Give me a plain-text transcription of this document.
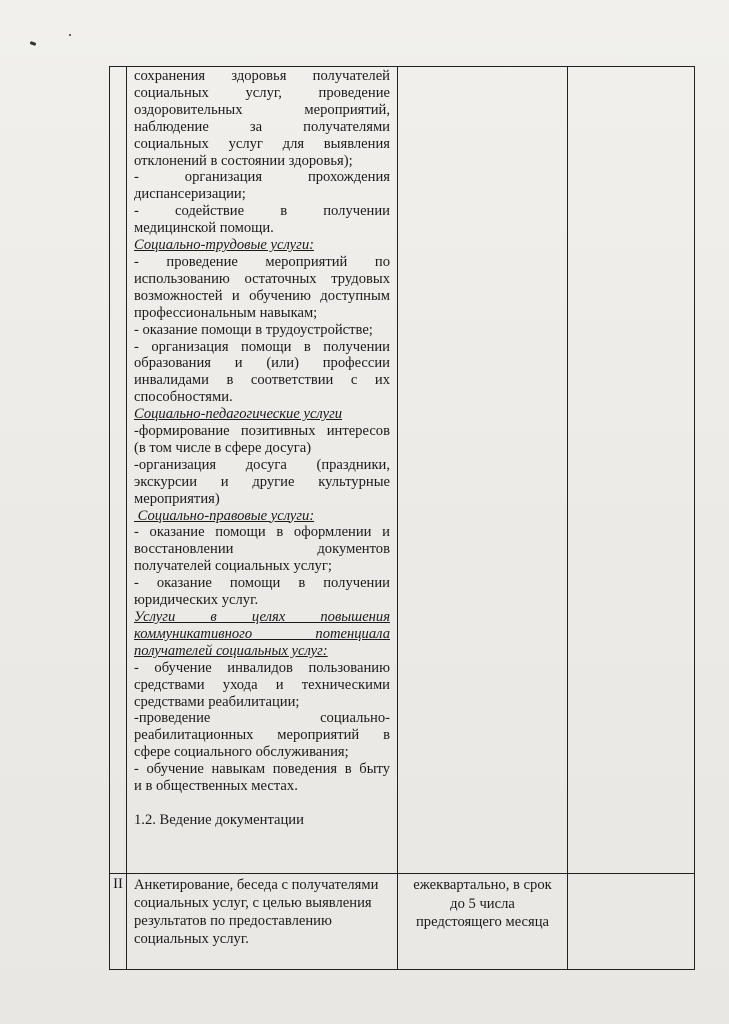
сохранения здоровья получателей
социальных услуг, проведение
оздоровительных мероприятий,
наблюдение за получателями
социальных услуг для выявления
отклонений в состоянии здоровья);
- организация прохождения
диспансеризации;
- содействие в получении
медицинской помощи.
Социально-трудовые услуги:
- проведение мероприятий по
использованию остаточных трудовых
возможностей и обучению доступным
профессиональным навыкам;
- оказание помощи в трудоустройстве;
- организация помощи в получении
образования и (или) профессии
инвалидами в соответствии с их
способностями.
Социально-педагогические услуги
-формирование позитивных интересов
(в том числе в сфере досуга)
-организация досуга (праздники,
экскурсии и другие культурные
мероприятия)
Социально-правовые услуги:
- оказание помощи в оформлении и
восстановлении документов
получателей социальных услуг;
- оказание помощи в получении
юридических услуг.
Услуги в целях повышения
коммуникативного потенциала
получателей социальных услуг:
- обучение инвалидов пользованию
средствами ухода и техническими
средствами реабилитации;
-проведение социально-
реабилитационных мероприятий в
сфере социального обслуживания;
- обучение навыкам поведения в быту
и в общественных местах.
1.2. Ведение документации
II Анкетирование, беседа с получателями социальных услуг, с целью выявления результатов по предоставлению социальных услуг.
ежеквартально, в срок
до 5 числа
предстоящего месяца
